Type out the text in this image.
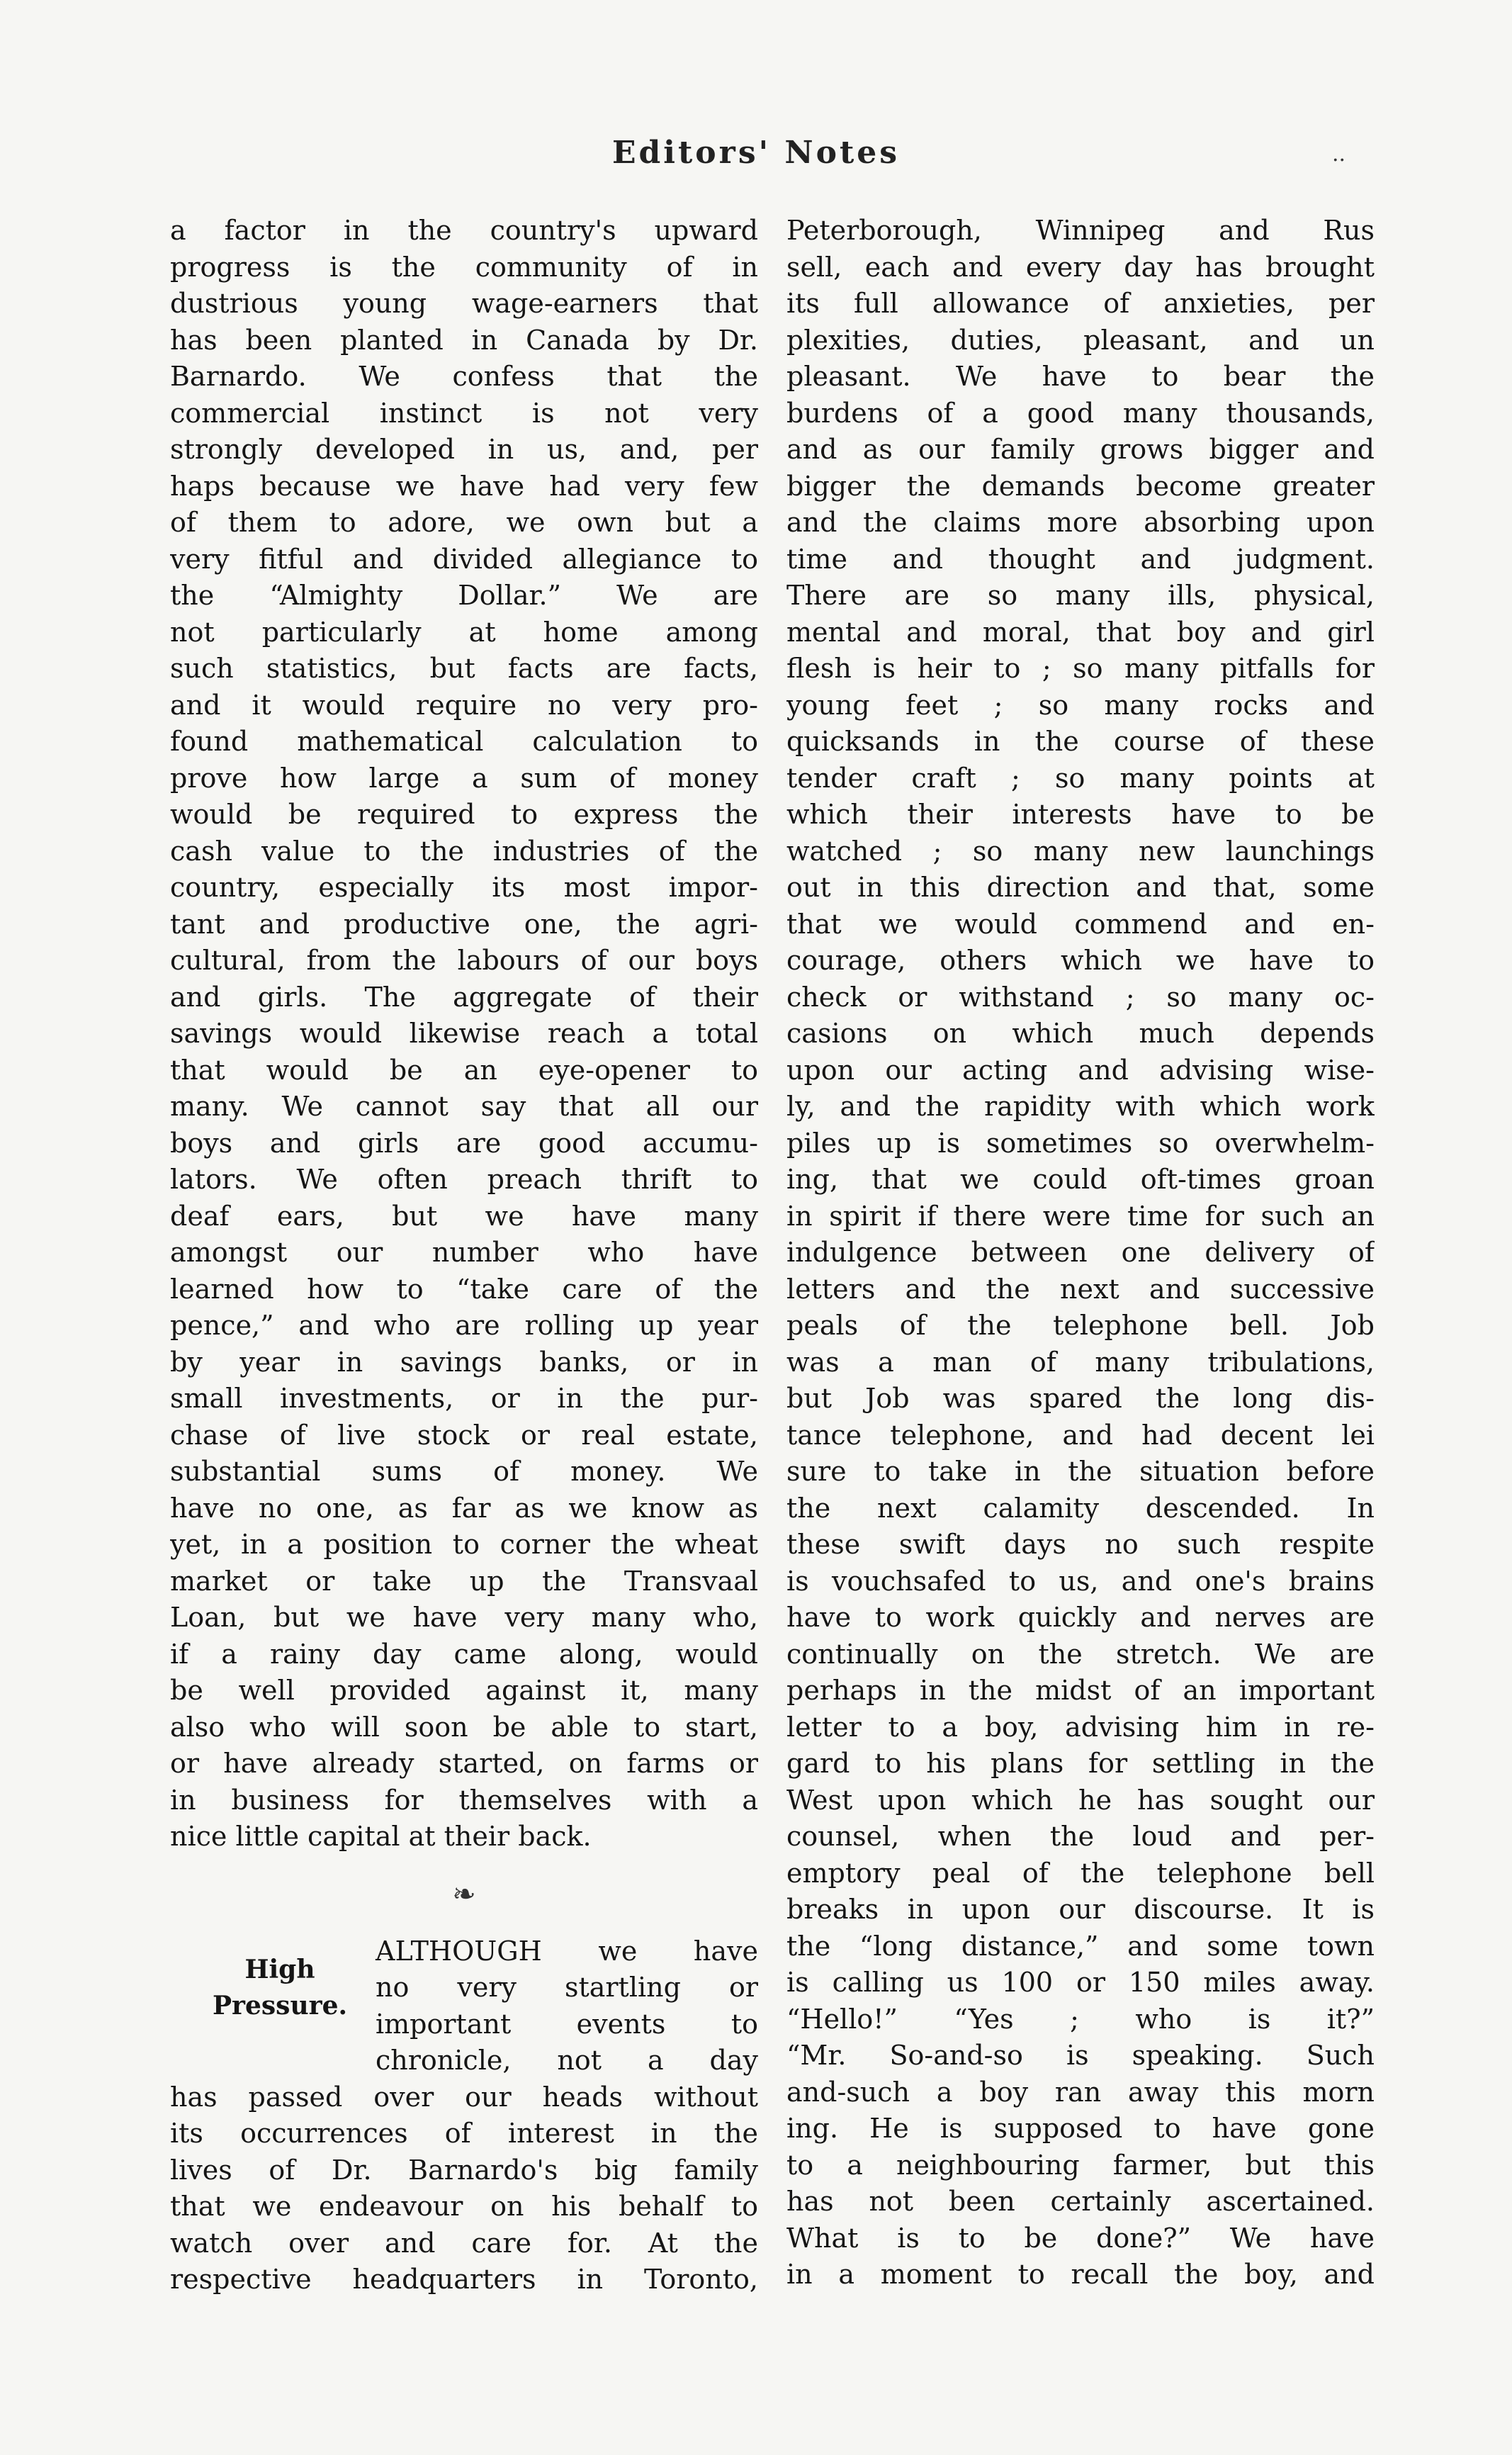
Editors' Notes	..
a factor in the country's upward
progress is the community of in
dustrious young wage-earners that
has been planted in Canada by Dr.
Barnardo. We confess that the
commercial instinct is not very
strongly developed in us, and, per
haps because we have had very few
of them to adore, we own but a
very fitful and divided allegiance to
the “Almighty Dollar.” We are
not particularly at home among
such statistics, but facts are facts,
and it would require no very pro-
found mathematical calculation to
prove how large a sum of money
would be required to express the
cash value to the industries of the
country, especially its most impor-
tant and productive one, the agri-
cultural, from the labours of our boys
and girls. The aggregate of their
savings would likewise reach a total
that would be an eye-opener to
many. We cannot say that all our
boys and girls are good accumu-
lators. We often preach thrift to
deaf ears, but we have many
amongst our number who have
learned how to “take care of the
pence,” and who are rolling up year
by year in savings banks, or in
small investments, or in the pur-
chase of live stock or real estate,
substantial sums of money. We
have no one, as far as we know as
yet, in a position to corner the wheat
market or take up the Transvaal
Loan, but we have very many who,
if a rainy day came along, would
be well provided against it, many
also who will soon be able to start,
or have already started, on farms or
in business for themselves with a
nice little capital at their back.
❧
ALTHOUGH we have
no very startling or
important events to
chronicle, not a day
has passed over our heads without
its occurrences of interest in the
lives of Dr. Barnardo's big family
that we endeavour on his behalf to
watch over and care for. At the
respective headquarters in Toronto,
High
Pressure.
Peterborough, Winnipeg and Rus
sell, each and every day has brought
its full allowance of anxieties, per
plexities, duties, pleasant, and un
pleasant. We have to bear the
burdens of a good many thousands,
and as our family grows bigger and
bigger the demands become greater
and the claims more absorbing upon
time and thought and judgment.
There are so many ills, physical,
mental and moral, that boy and girl
flesh is heir to ; so many pitfalls for
young feet ; so many rocks and
quicksands in the course of these
tender craft ; so many points at
which their interests have to be
watched ; so many new launchings
out in this direction and that, some
that we would commend and en-
courage, others which we have to
check or withstand ; so many oc-
casions on which much depends
upon our acting and advising wise-
ly, and the rapidity with which work
piles up is sometimes so overwhelm-
ing, that we could oft-times groan
in spirit if there were time for such an
indulgence between one delivery of
letters and the next and successive
peals of the telephone bell. Job
was a man of many tribulations,
but Job was spared the long dis-
tance telephone, and had decent lei
sure to take in the situation before
the next calamity descended. In
these swift days no such respite
is vouchsafed to us, and one's brains
have to work quickly and nerves are
continually on the stretch. We are
perhaps in the midst of an important
letter to a boy, advising him in re-
gard to his plans for settling in the
West upon which he has sought our
counsel, when the loud and per-
emptory peal of the telephone bell
breaks in upon our discourse. It is
the “long distance,” and some town
is calling us 100 or 150 miles away.
“Hello!” “Yes ; who is it?”
“Mr. So-and-so is speaking. Such
and-such a boy ran away this morn
ing. He is supposed to have gone
to a neighbouring farmer, but this
has not been certainly ascertained.
What is to be done?” We have
in a moment to recall the boy, and
